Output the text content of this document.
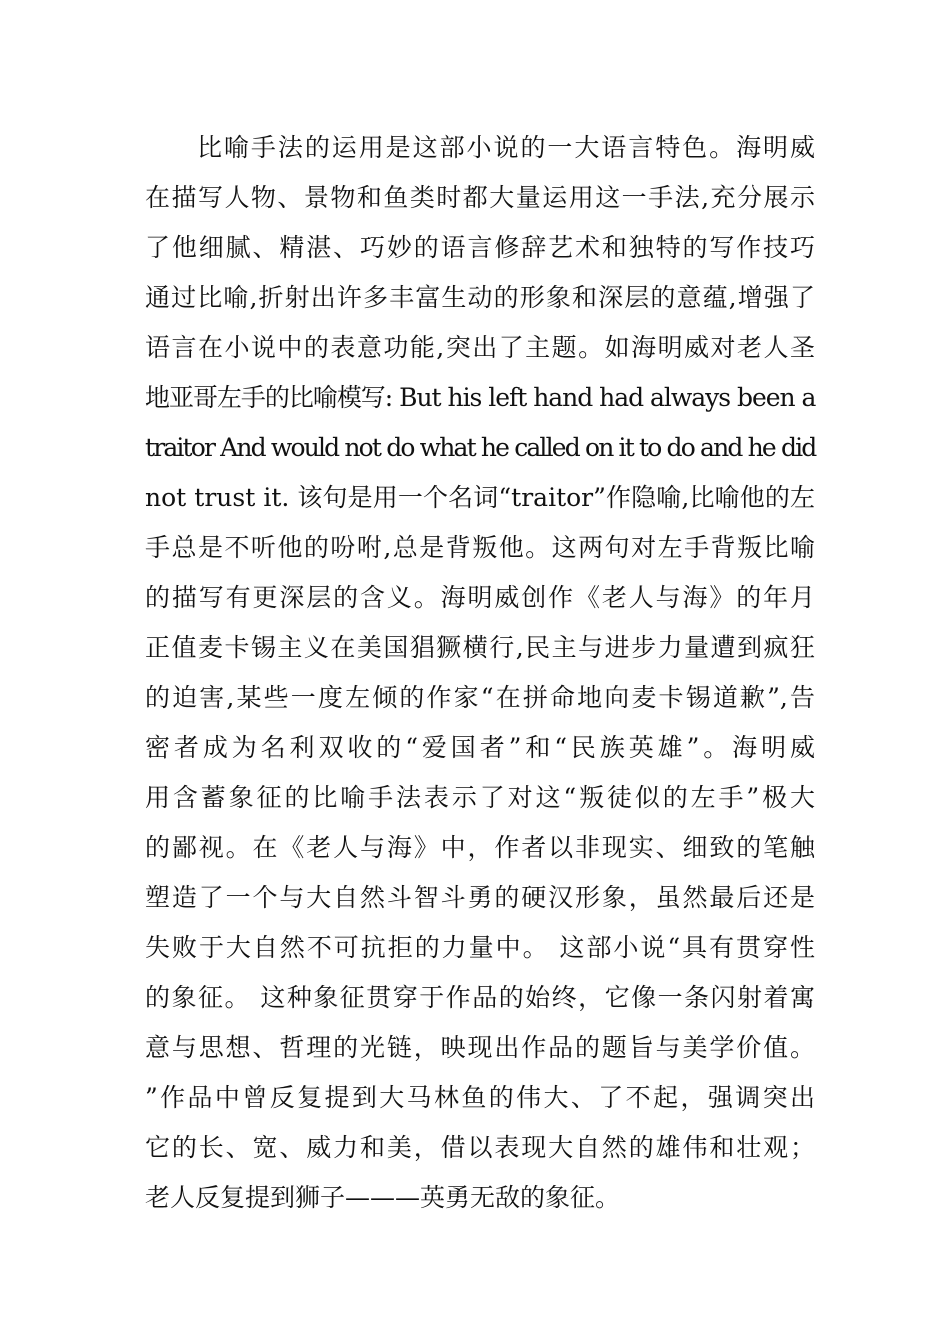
比喻手法的运用是这部小说的一大语言特色。海明威
在描写人物、景物和鱼类时都大量运用这一手法,充分展示
了他细腻、精湛、巧妙的语言修辞艺术和独特的写作技巧
通过比喻,折射出许多丰富生动的形象和深层的意蕴,增强了
语言在小说中的表意功能,突出了主题。如海明威对老人圣
地亚哥左手的比喻模写: But his left hand had always been a
traitor And would not do what he called on it to do and he did
not trust it. 该句是用一个名词“traitor”作隐喻,比喻他的左
手总是不听他的吩咐,总是背叛他。这两句对左手背叛比喻
的描写有更深层的含义。海明威创作《老人与海》的年月
正值麦卡锡主义在美国猖獗横行,民主与进步力量遭到疯狂
的迫害,某些一度左倾的作家“在拼命地向麦卡锡道歉”,告
密者成为名利双收的“爱国者”和“民族英雄”。海明威
用含蓄象征的比喻手法表示了对这“叛徒似的左手”极大
的鄙视。在《老人与海》中，作者以非现实、细致的笔触
塑造了一个与大自然斗智斗勇的硬汉形象，虽然最后还是
失败于大自然不可抗拒的力量中。 这部小说“具有贯穿性
的象征。 这种象征贯穿于作品的始终，它像一条闪射着寓
意与思想、哲理的光链，映现出作品的题旨与美学价值。
”作品中曾反复提到大马林鱼的伟大、了不起，强调突出
它的长、宽、威力和美，借以表现大自然的雄伟和壮观；
老人反复提到狮子———英勇无敌的象征。
